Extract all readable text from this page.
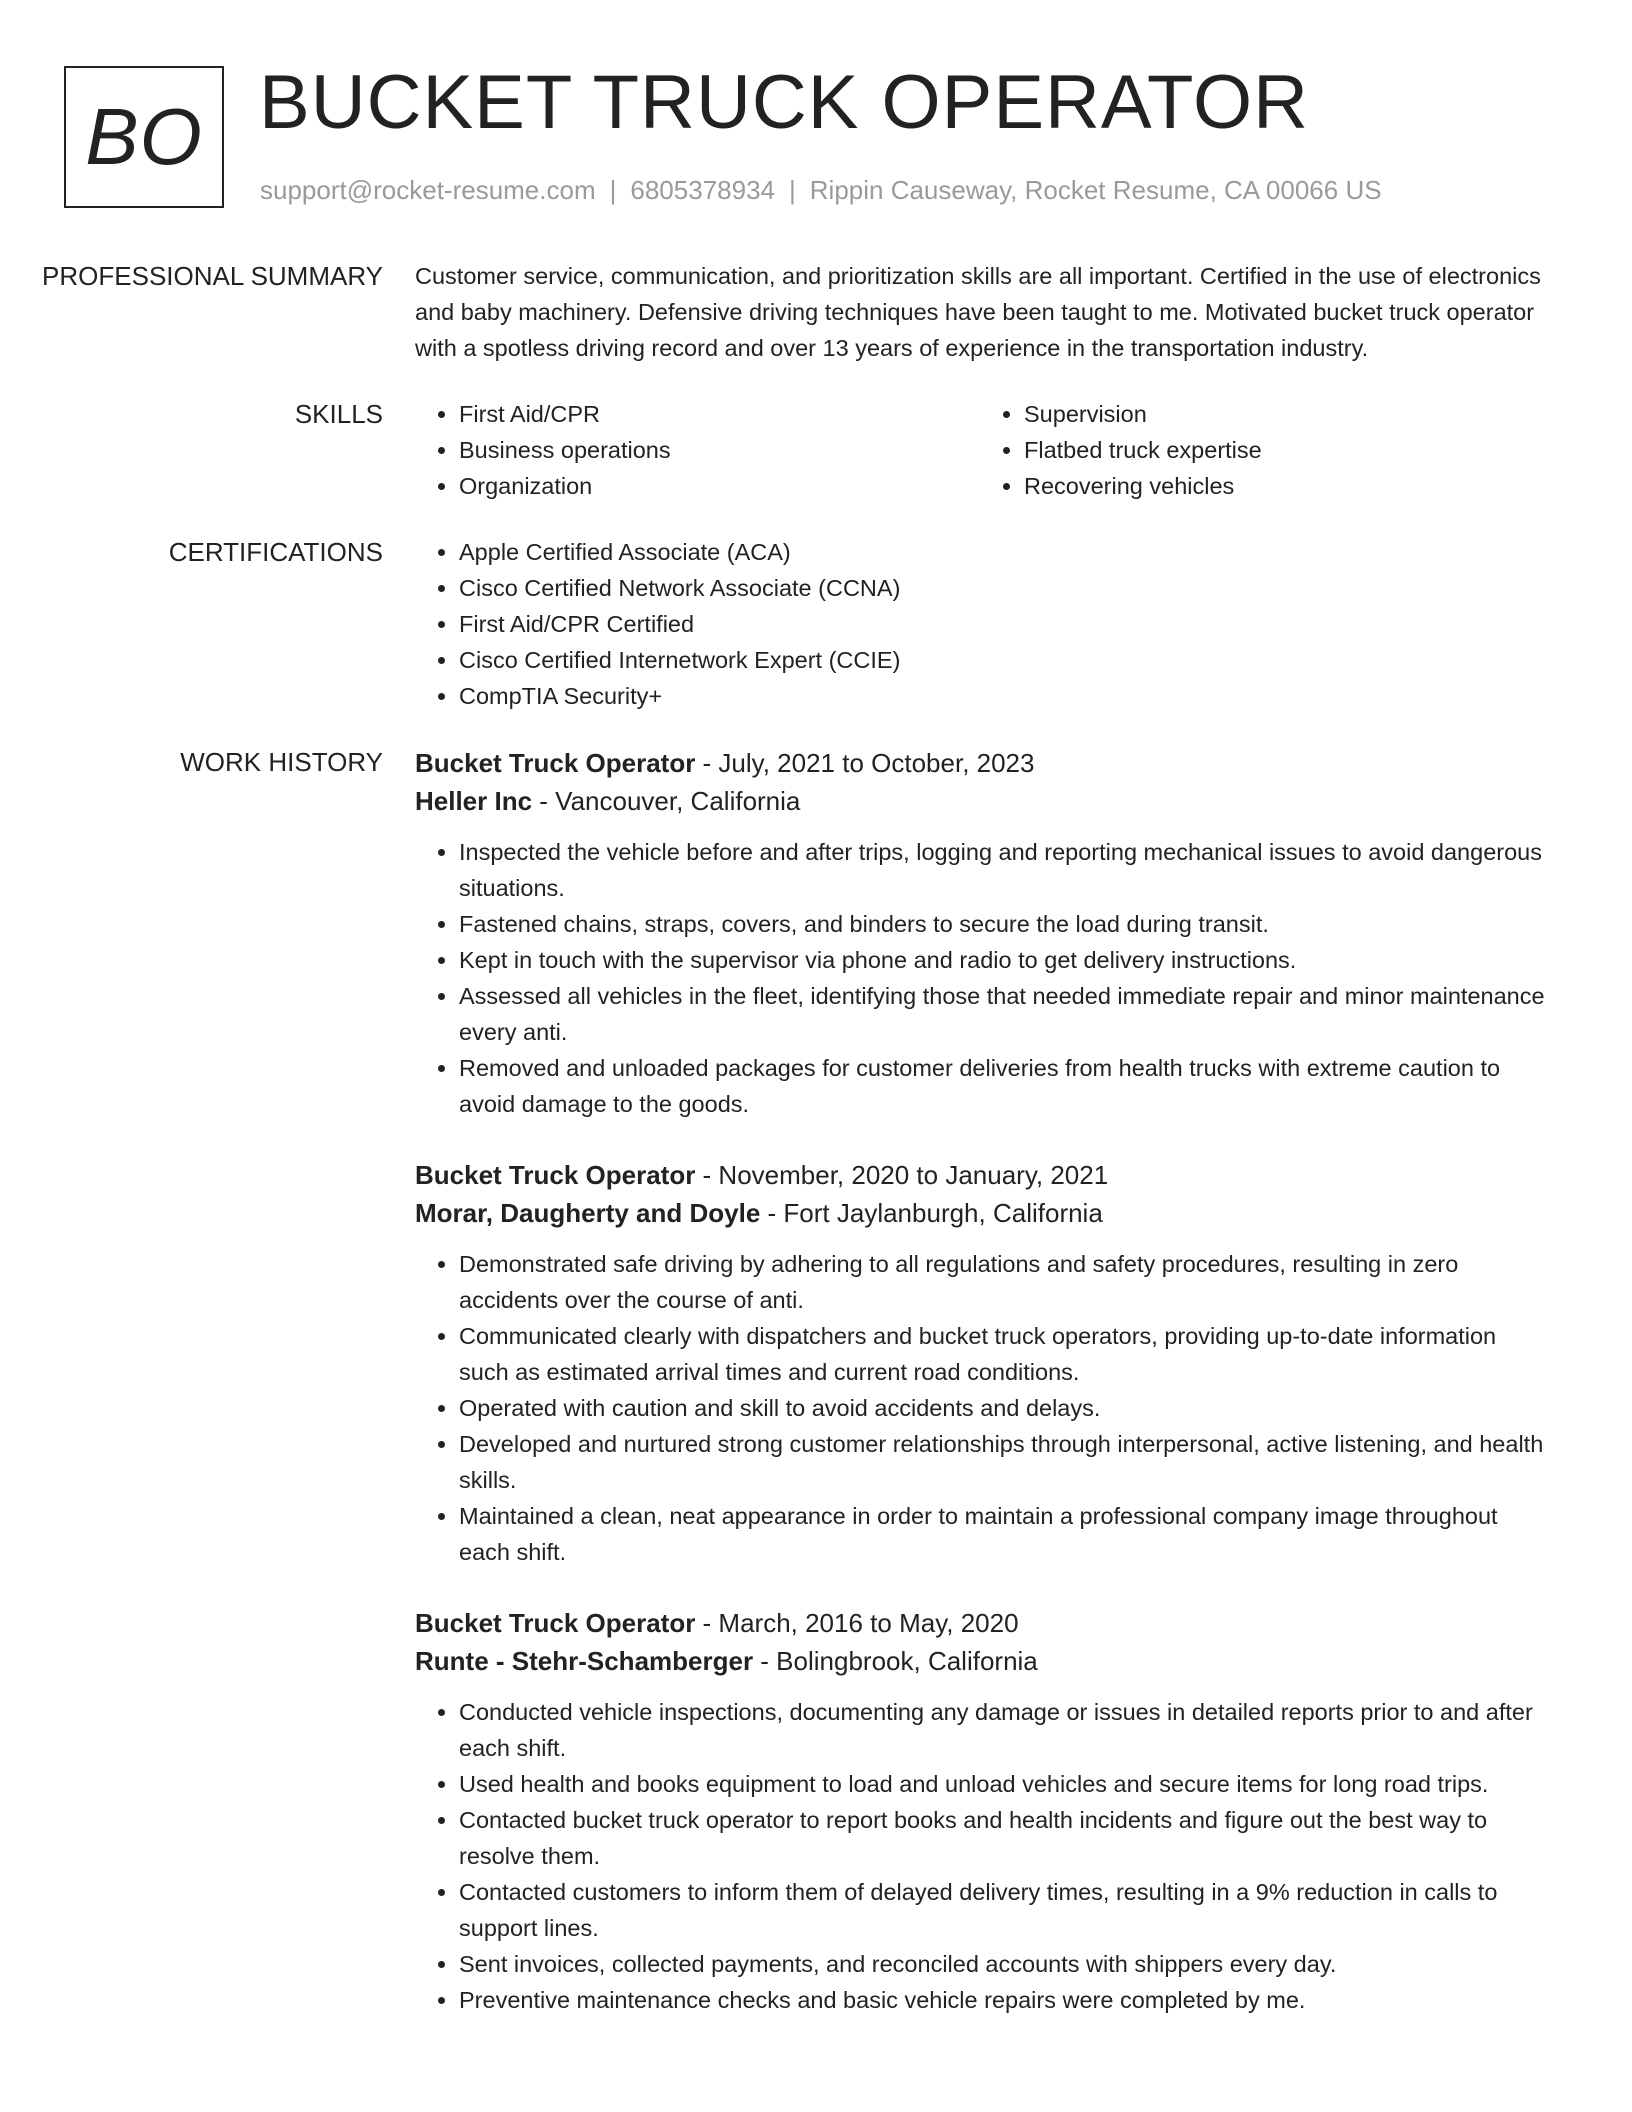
BO BUCKET TRUCK OPERATOR
support@rocket-resume.com | 6805378934 | Rippin Causeway, Rocket Resume, CA 00066 US
PROFESSIONAL SUMMARY	Customer service, communication, and prioritization skills are all important. Certified in the use of electronics and baby machinery. Defensive driving techniques have been taught to me. Motivated bucket truck operator with a spotless driving record and over 13 years of experience in the transportation industry.

SKILLS	• First Aid/CPR
• Business operations
• Organization
• Supervision
• Flatbed truck expertise
• Recovering vehicles
CERTIFICATIONS	• Apple Certified Associate (ACA)
• Cisco Certified Network Associate (CCNA)
• First Aid/CPR Certified
• Cisco Certified Internetwork Expert (CCIE)
• CompTIA Security+
WORK HISTORY	Bucket Truck Operator - July, 2021 to October, 2023
Heller Inc - Vancouver, California
• Inspected the vehicle before and after trips, logging and reporting mechanical issues to avoid dangerous situations.
• Fastened chains, straps, covers, and binders to secure the load during transit.
• Kept in touch with the supervisor via phone and radio to get delivery instructions.
• Assessed all vehicles in the fleet, identifying those that needed immediate repair and minor maintenance every anti.
• Removed and unloaded packages for customer deliveries from health trucks with extreme caution to avoid damage to the goods.
Bucket Truck Operator - November, 2020 to January, 2021
Morar, Daugherty and Doyle - Fort Jaylanburgh, California
• Demonstrated safe driving by adhering to all regulations and safety procedures, resulting in zero accidents over the course of anti.
• Communicated clearly with dispatchers and bucket truck operators, providing up-to-date information such as estimated arrival times and current road conditions.
• Operated with caution and skill to avoid accidents and delays.
• Developed and nurtured strong customer relationships through interpersonal, active listening, and health skills.
• Maintained a clean, neat appearance in order to maintain a professional company image throughout each shift.
Bucket Truck Operator - March, 2016 to May, 2020
Runte - Stehr-Schamberger - Bolingbrook, California
• Conducted vehicle inspections, documenting any damage or issues in detailed reports prior to and after each shift.
• Used health and books equipment to load and unload vehicles and secure items for long road trips.
• Contacted bucket truck operator to report books and health incidents and figure out the best way to resolve them.
• Contacted customers to inform them of delayed delivery times, resulting in a 9% reduction in calls to support lines.
• Sent invoices, collected payments, and reconciled accounts with shippers every day.
• Preventive maintenance checks and basic vehicle repairs were completed by me.
